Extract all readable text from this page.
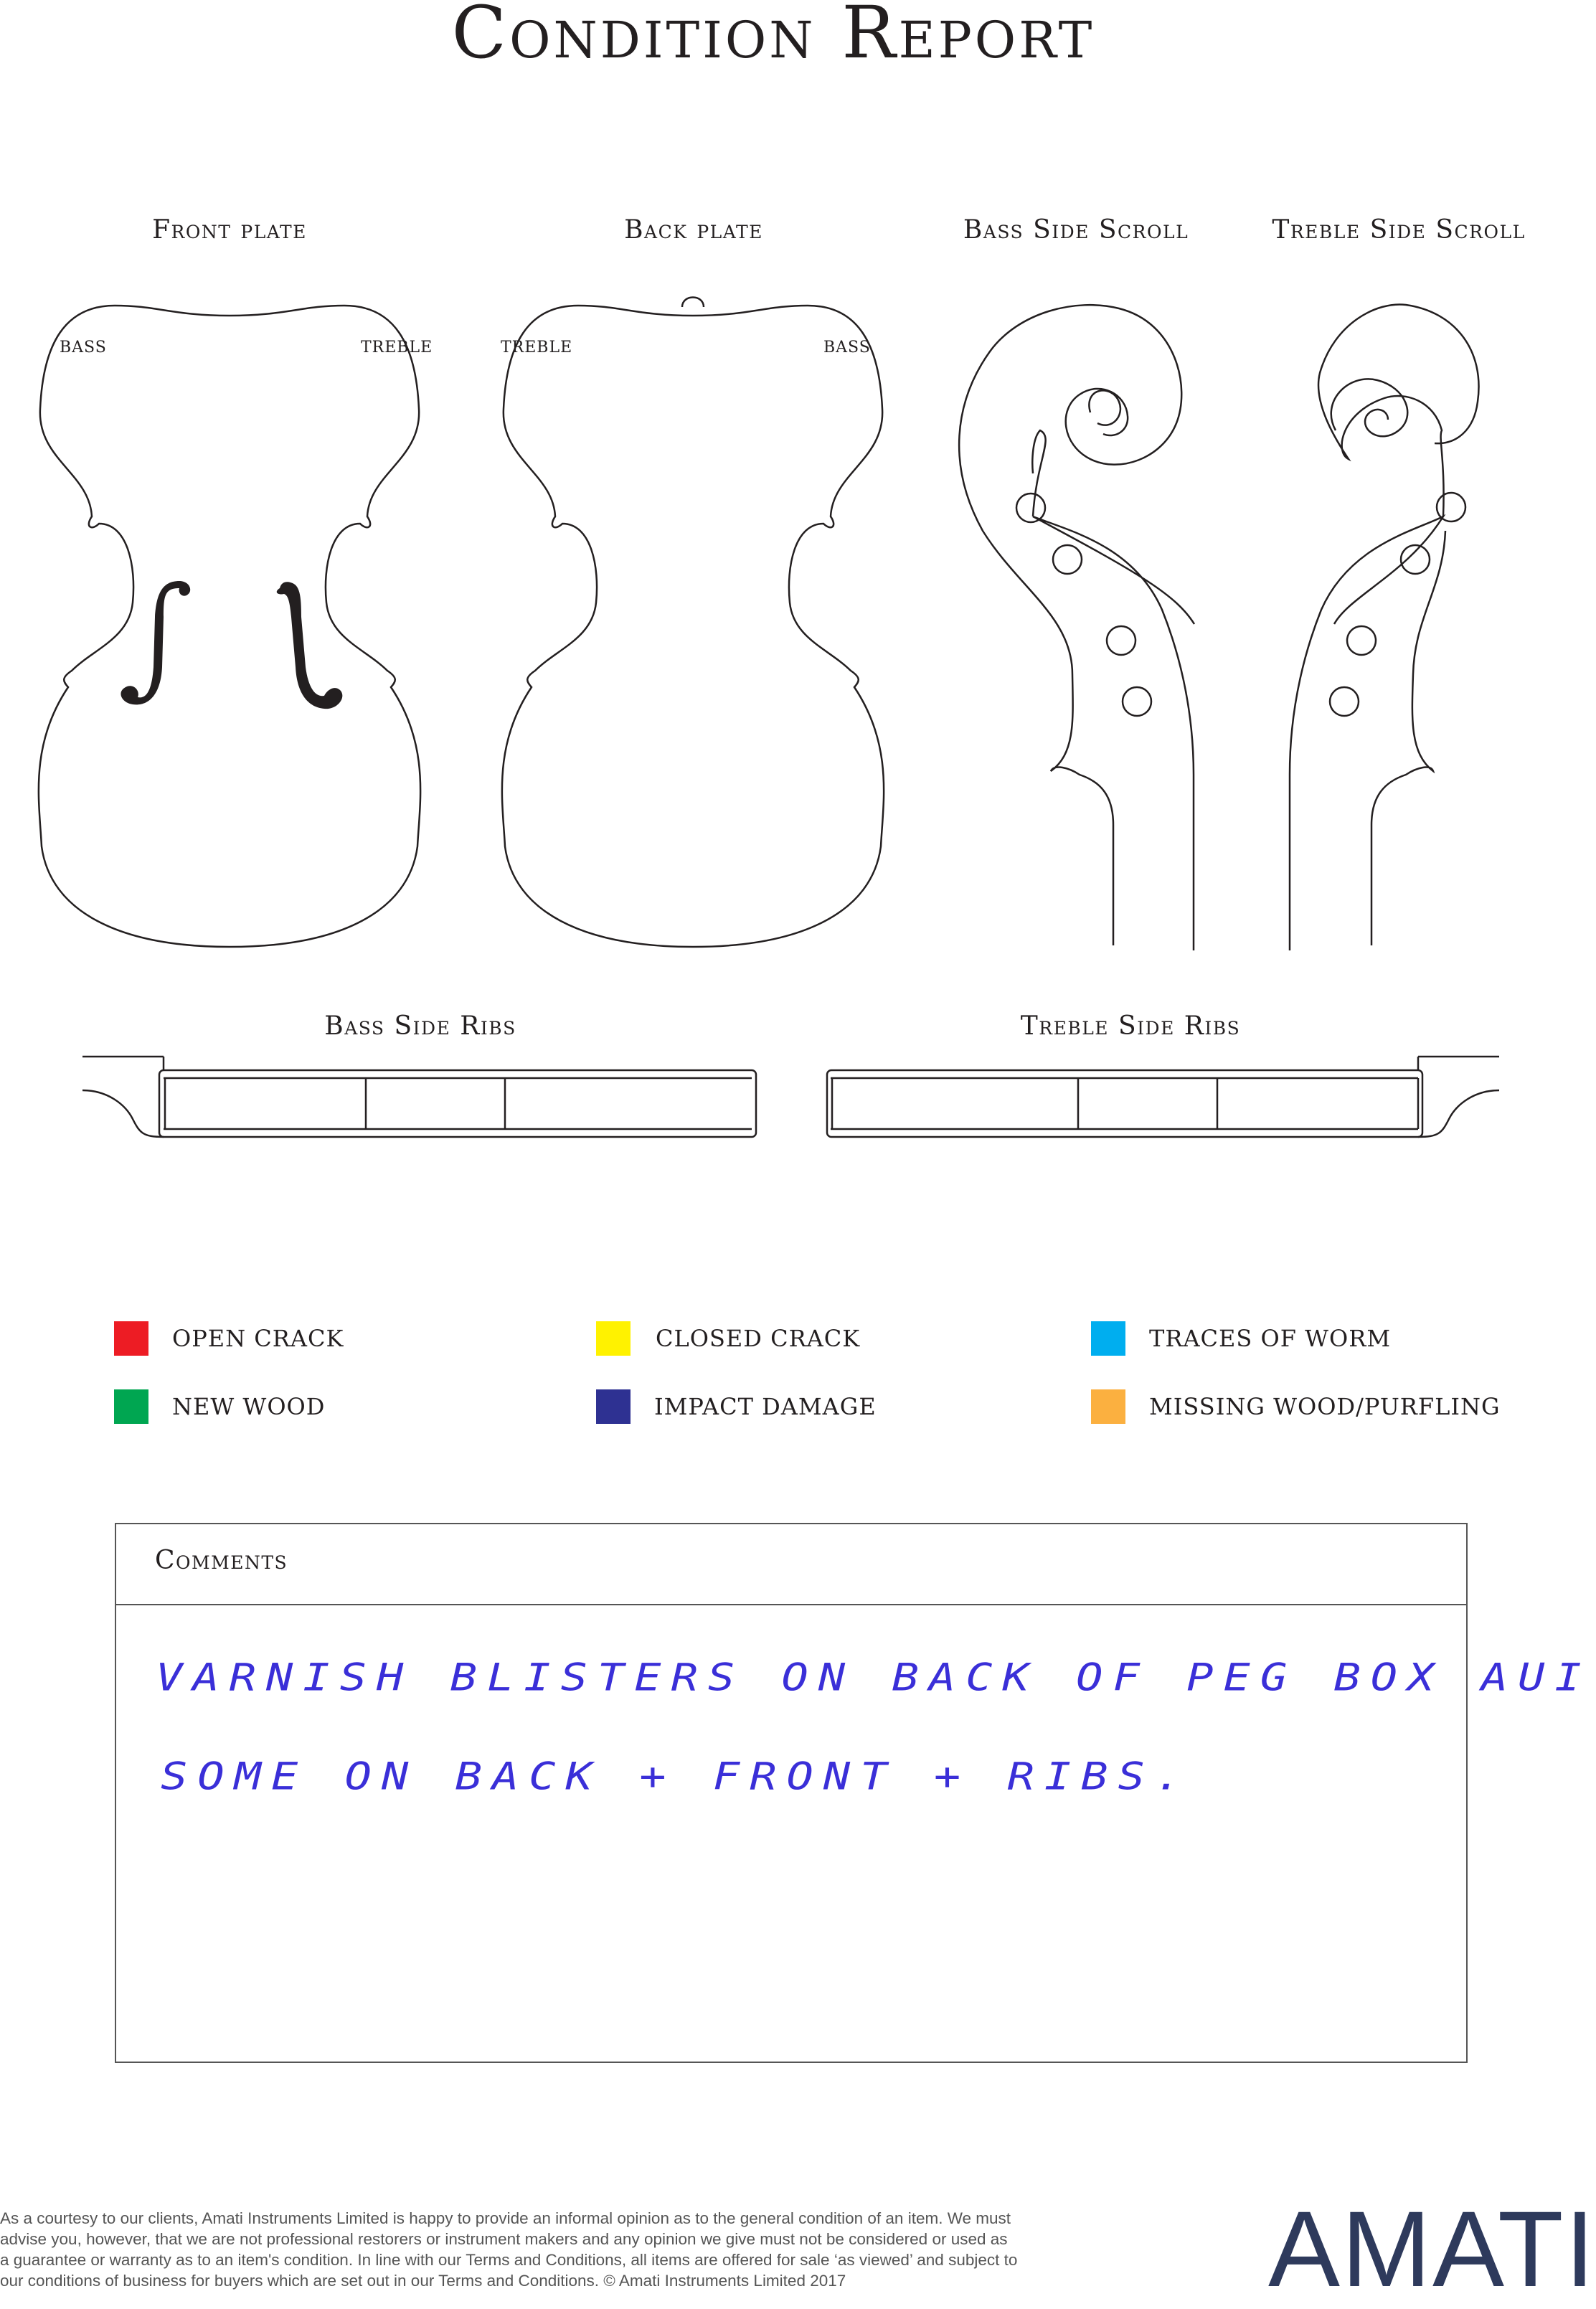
Condition Report
Front plate	Back plate	Bass Side Scroll	Treble Side Scroll
Bass Side Ribs	Treble Side Ribs
BASS	TREBLE	TREBLE	BASS
OPEN CRACK	CLOSED CRACK	TRACES OF WORM
NEW WOOD	IMPACT DAMAGE	MISSING WOOD/PURFLING
Comments
VARNISH BLISTERS ON BACK OF PEG BOX AUI
SOME ON BACK + FRONT + RIBS.
As a courtesy to our clients, Amati Instruments Limited is happy to provide an informal opinion as to the general condition of an item. We must
advise you, however, that we are not professional restorers or instrument makers and any opinion we give must not be considered or used as
a guarantee or warranty as to an item's condition. In line with our Terms and Conditions, all items are offered for sale ‘as viewed’ and subject to
our conditions of business for buyers which are set out in our Terms and Conditions. © Amati Instruments Limited 2017	AMATI
